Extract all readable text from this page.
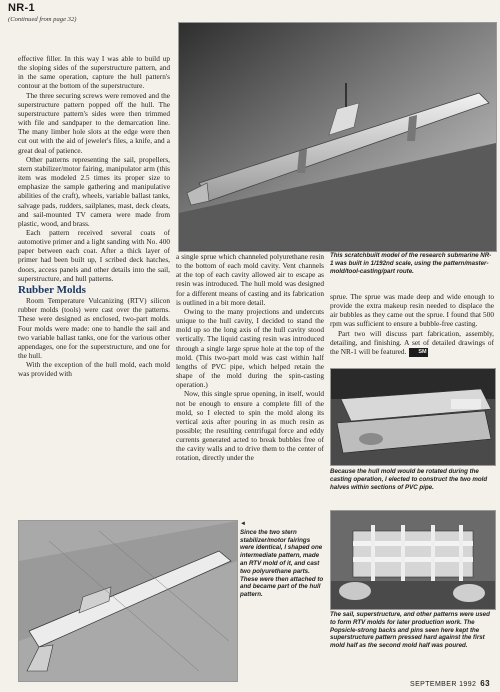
NR-1
(Continued from page 32)

effective filler. In this way I was able to build up the sloping sides of the superstructure pattern, and in the same operation, capture the hull pattern's contour at the bottom of the superstructure.

The three securing screws were removed and the superstructure pattern popped off the hull. The superstructure pattern's sides were then trimmed with file and sandpaper to the demarcation line. The many limber hole slots at the edge were then cut out with the aid of jeweler's files, a knife, and a great deal of patience.

Other patterns representing the sail, propellers, stern stabilizer/motor fairing, manipulator arm (this item was modeled 2.5 times its proper size to emphasize the sample gathering and manipulative abilities of the craft), wheels, variable ballast tanks, salvage pads, rudders, sailplanes, mast, deck cleats, and sail-mounted TV camera were made from plastic, wood, and brass.

Each pattern received several coats of automotive primer and a light sanding with No. 400 paper between each coat. After a thick layer of primer had been built up, I scribed deck hatches, doors, access panels and other details into the sail, superstructure, and hull patterns.

Rubber Molds

Room Temperature Vulcanizing (RTV) silicon rubber molds (tools) were cast over the patterns. These were designed as enclosed, two-part molds. Four molds were made: one to handle the sail and two variable ballast tanks, one for the various other appendages, one for the superstructure, and one for the hull.

With the exception of the hull mold, each mold was provided with

a single sprue which channeled polyurethane resin to the bottom of each mold cavity. Vent channels at the top of each cavity allowed air to escape as resin was introduced. The hull mold was designed for a different means of casting and its fabrication is outlined in a bit more detail.

Owing to the many projections and undercuts unique to the hull cavity, I decided to stand the mold up so the long axis of the hull cavity stood vertically. The liquid casting resin was introduced through a single large sprue hole at the top of the mold. (This two-part mold was cast within half lengths of PVC pipe, which helped retain the shape of the mold during the spin-casting operation.)

Now, this single sprue opening, in itself, would not be enough to ensure a complete fill of the mold, so I elected to spin the mold along its vertical axis after pouring in as much resin as possible; the resulting centrifugal force and eddy currents generated acted to break bubbles free of the cavity walls and to drive them to the center of rotation, directly under the

This scratchbuilt model of the research submarine NR-1 was built in 1/192nd scale, using the pattern/master-mold/tool-casting/part route.

sprue. The sprue was made deep and wide enough to provide the extra makeup resin needed to displace the air bubbles as they came out the sprue. I found that 500 rpm was sufficient to ensure a bubble-free casting.

Part two will discuss part fabrication, assembly, detailing, and finishing. A set of detailed drawings of the NR-1 will be featured. SM

Because the hull mold would be rotated during the casting operation, I elected to construct the two mold halves within sections of PVC pipe.
The sail, superstructure, and other patterns were used to form RTV molds for later production work. The Popsicle-strong backs and pins seen here kept the superstructure pattern pressed hard against the first mold half as the second mold half was poured.
◄
Since the two stern stabilizer/motor fairings were identical, I shaped one intermediate pattern, made an RTV mold of it, and cast two polyurethane parts. These were then attached to and became part of the hull pattern.
SEPTEMBER 1992 63
